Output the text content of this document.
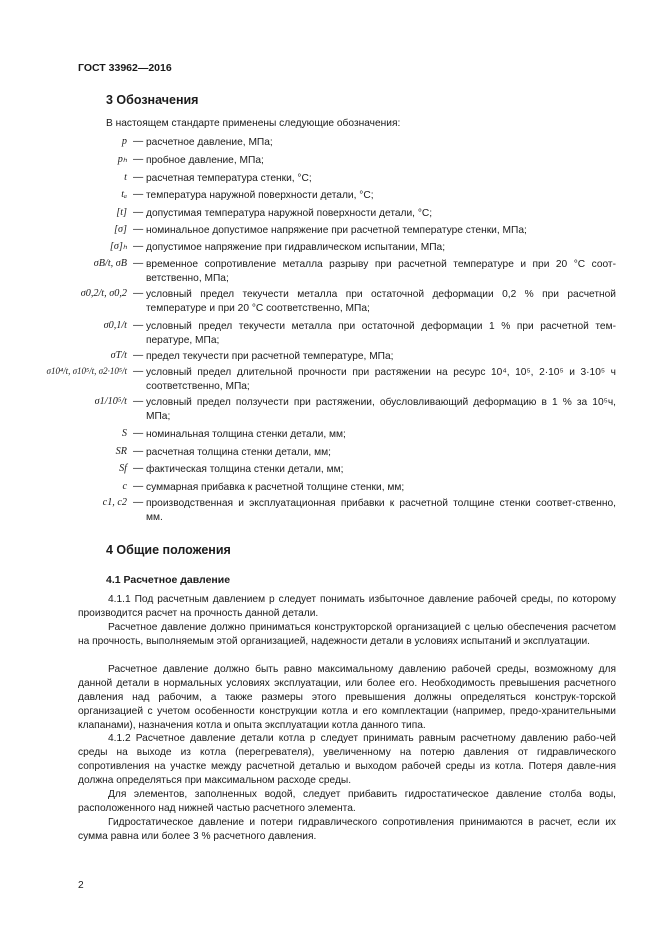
ГОСТ 33962—2016
3 Обозначения
В настоящем стандарте применены следующие обозначения:
p — расчетное давление, МПа;
pₕ — пробное давление, МПа;
t — расчетная температура стенки, °С;
tₐ — температура наружной поверхности детали, °С;
[t] — допустимая температура наружной поверхности детали, °С;
[σ] — номинальное допустимое напряжение при расчетной температуре стенки, МПа;
[σ]ₕ — допустимое напряжение при гидравлическом испытании, МПа;
σB/t, σB — временное сопротивление металла разрыву при расчетной температуре и при 20 °С соот-ветственно, МПа;
σ0,2/t, σ0,2 — условный предел текучести металла при остаточной деформации 0,2 % при расчетной температуре и при 20 °С соответственно, МПа;
σ0,1/t — условный предел текучести металла при остаточной деформации 1 % при расчетной тем-пературе, МПа;
σT/t — предел текучести при расчетной температуре, МПа;
σ10⁴/t, σ10⁵/t, σ2·10⁵/t — условный предел длительной прочности при растяжении на ресурс 10⁴, 10⁵, 2·10⁵ и 3·10⁵ ч соответственно, МПа;
σ1/10⁵/t — условный предел ползучести при растяжении, обусловливающий деформацию в 1 % за 10⁵ч, МПа;
S — номинальная толщина стенки детали, мм;
SR — расчетная толщина стенки детали, мм;
Sf — фактическая толщина стенки детали, мм;
c — суммарная прибавка к расчетной толщине стенки, мм;
c1, c2 — производственная и эксплуатационная прибавки к расчетной толщине стенки соответ-ственно, мм.
4 Общие положения
4.1 Расчетное давление
4.1.1 Под расчетным давлением p следует понимать избыточное давление рабочей среды, по которому производится расчет на прочность данной детали.
Расчетное давление должно приниматься конструкторской организацией с целью обеспечения расчетом на прочность, выполняемым этой организацией, надежности детали в условиях испытаний и эксплуатации.
Расчетное давление должно быть равно максимальному давлению рабочей среды, возможному для данной детали в нормальных условиях эксплуатации, или более его. Необходимость превышения расчетного давления над рабочим, а также размеры этого превышения должны определяться конструк-торской организацией с учетом особенности конструкции котла и его комплектации (например, предо-хранительными клапанами), назначения котла и опыта эксплуатации котла данного типа.
4.1.2 Расчетное давление детали котла p следует принимать равным расчетному давлению рабо-чей среды на выходе из котла (перегревателя), увеличенному на потерю давления от гидравлического сопротивления на участке между расчетной деталью и выходом рабочей среды из котла. Потеря давле-ния должна определяться при максимальном расходе среды.
Для элементов, заполненных водой, следует прибавить гидростатическое давление столба воды, расположенного над нижней частью расчетного элемента.
Гидростатическое давление и потери гидравлического сопротивления принимаются в расчет, если их сумма равна или более 3 % расчетного давления.
2
